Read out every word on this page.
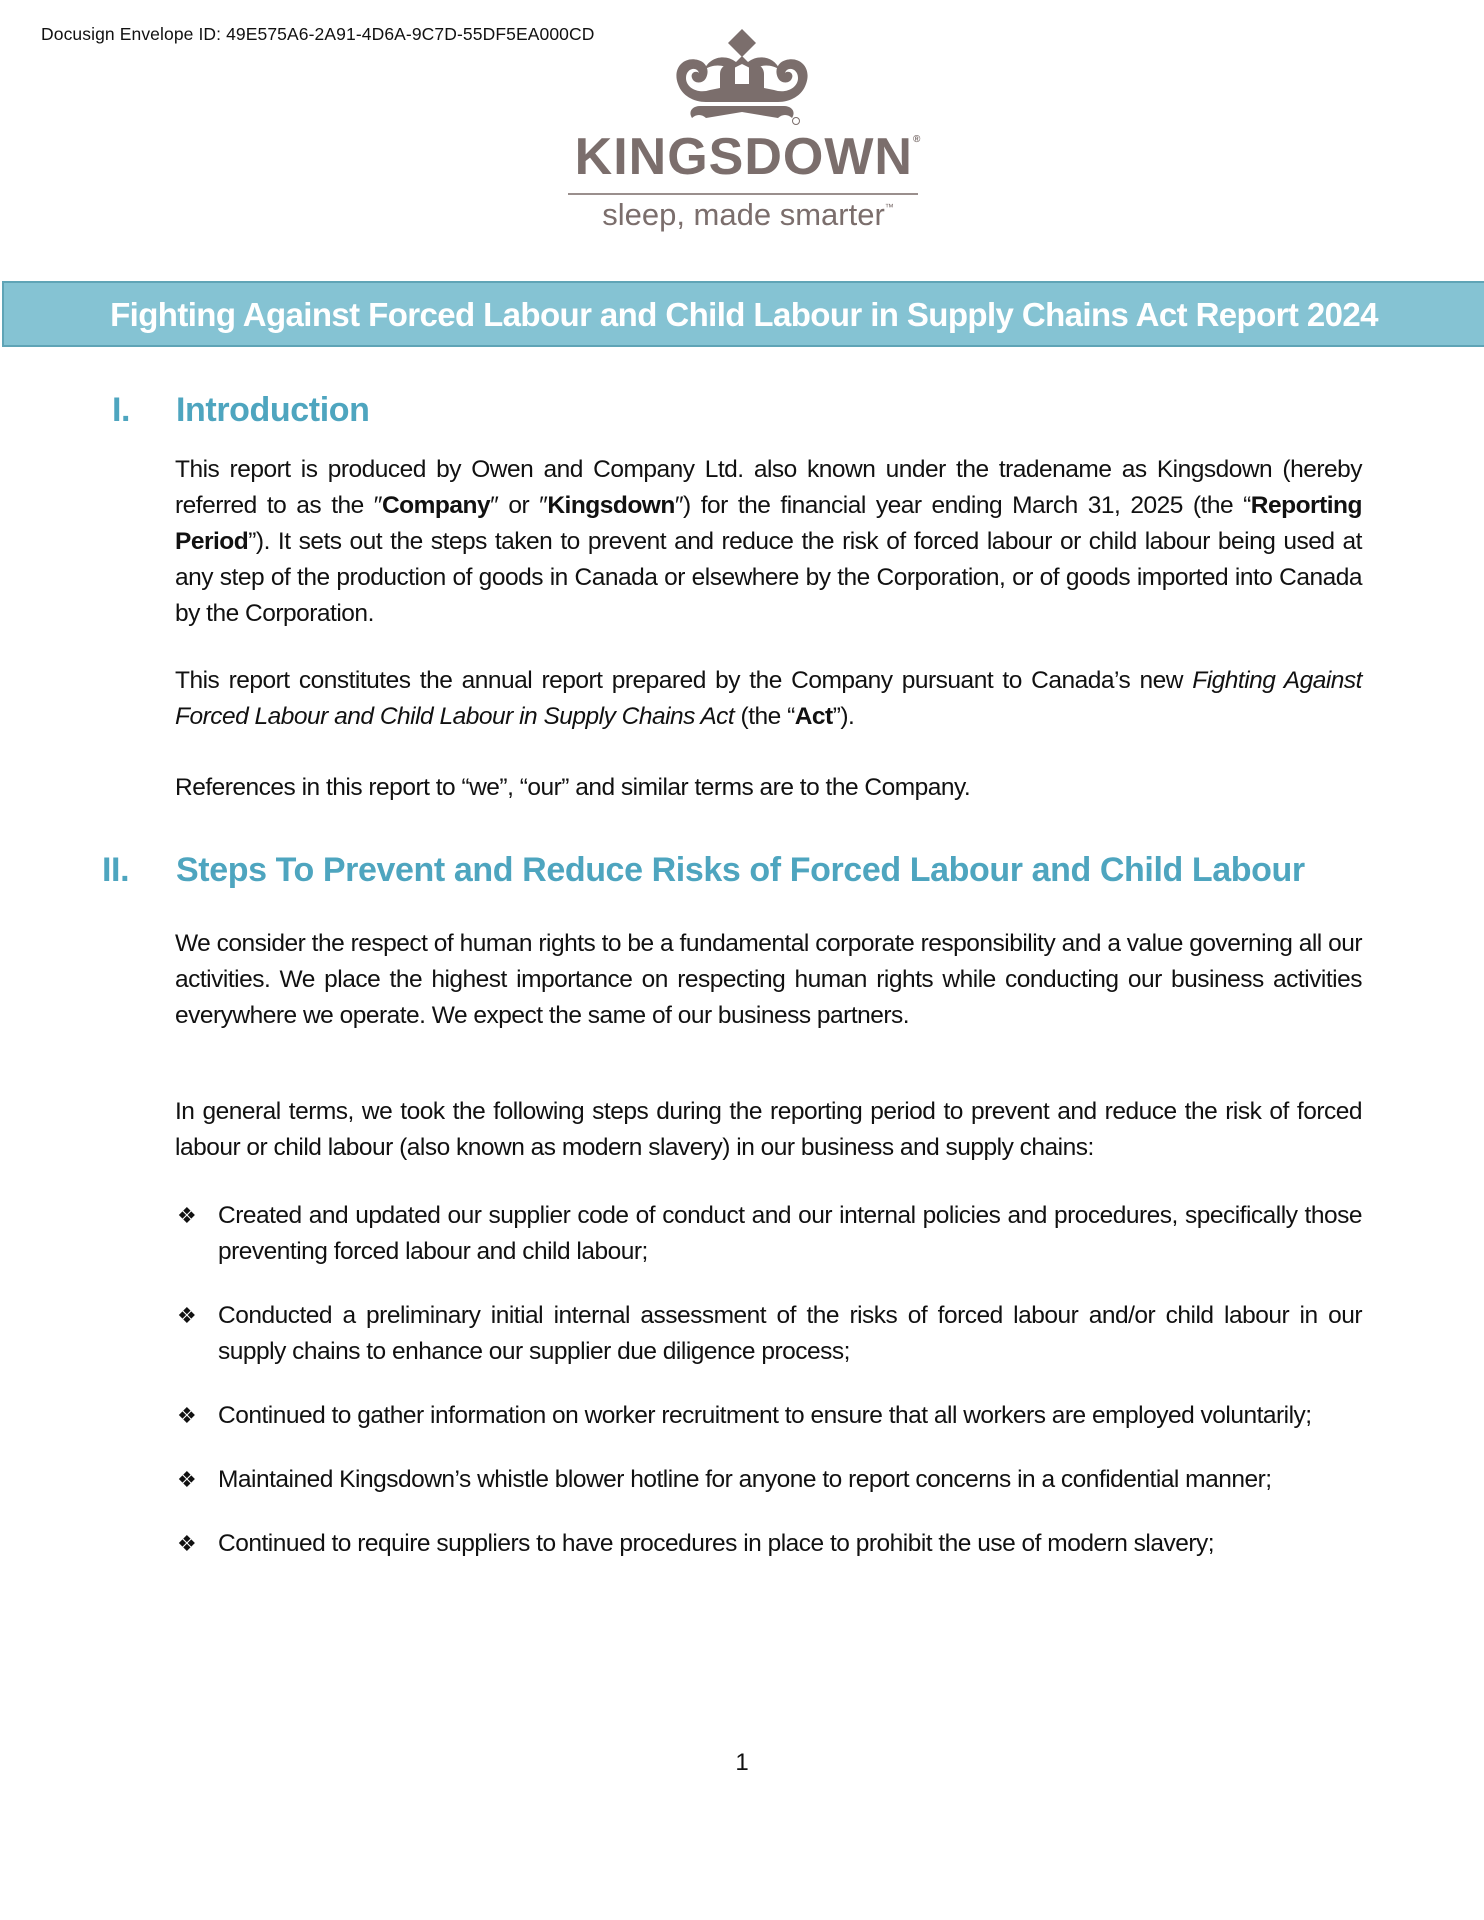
Docusign Envelope ID: 49E575A6-2A91-4D6A-9C7D-55DF5EA000CD
KINGSDOWN®
sleep, made smarter™
Fighting Against Forced Labour and Child Labour in Supply Chains Act Report 2024
I. Introduction
This report is produced by Owen and Company Ltd. also known under the tradename as Kingsdown (hereby referred to as the ″Company″ or ″Kingsdown″) for the financial year ending March 31, 2025 (the “Reporting Period”). It sets out the steps taken to prevent and reduce the risk of forced labour or child labour being used at any step of the production of goods in Canada or elsewhere by the Corporation, or of goods imported into Canada by the Corporation.
This report constitutes the annual report prepared by the Company pursuant to Canada’s new Fighting Against Forced Labour and Child Labour in Supply Chains Act (the “Act”).
References in this report to “we”, “our” and similar terms are to the Company.
II. Steps To Prevent and Reduce Risks of Forced Labour and Child Labour
We consider the respect of human rights to be a fundamental corporate responsibility and a value governing all our activities. We place the highest importance on respecting human rights while conducting our business activities everywhere we operate. We expect the same of our business partners.
In general terms, we took the following steps during the reporting period to prevent and reduce the risk of forced labour or child labour (also known as modern slavery) in our business and supply chains:
❖ Created and updated our supplier code of conduct and our internal policies and procedures, specifically those preventing forced labour and child labour;
❖ Conducted a preliminary initial internal assessment of the risks of forced labour and/or child labour in our supply chains to enhance our supplier due diligence process;
❖ Continued to gather information on worker recruitment to ensure that all workers are employed voluntarily;
❖ Maintained Kingsdown’s whistle blower hotline for anyone to report concerns in a confidential manner;
❖ Continued to require suppliers to have procedures in place to prohibit the use of modern slavery;
1
